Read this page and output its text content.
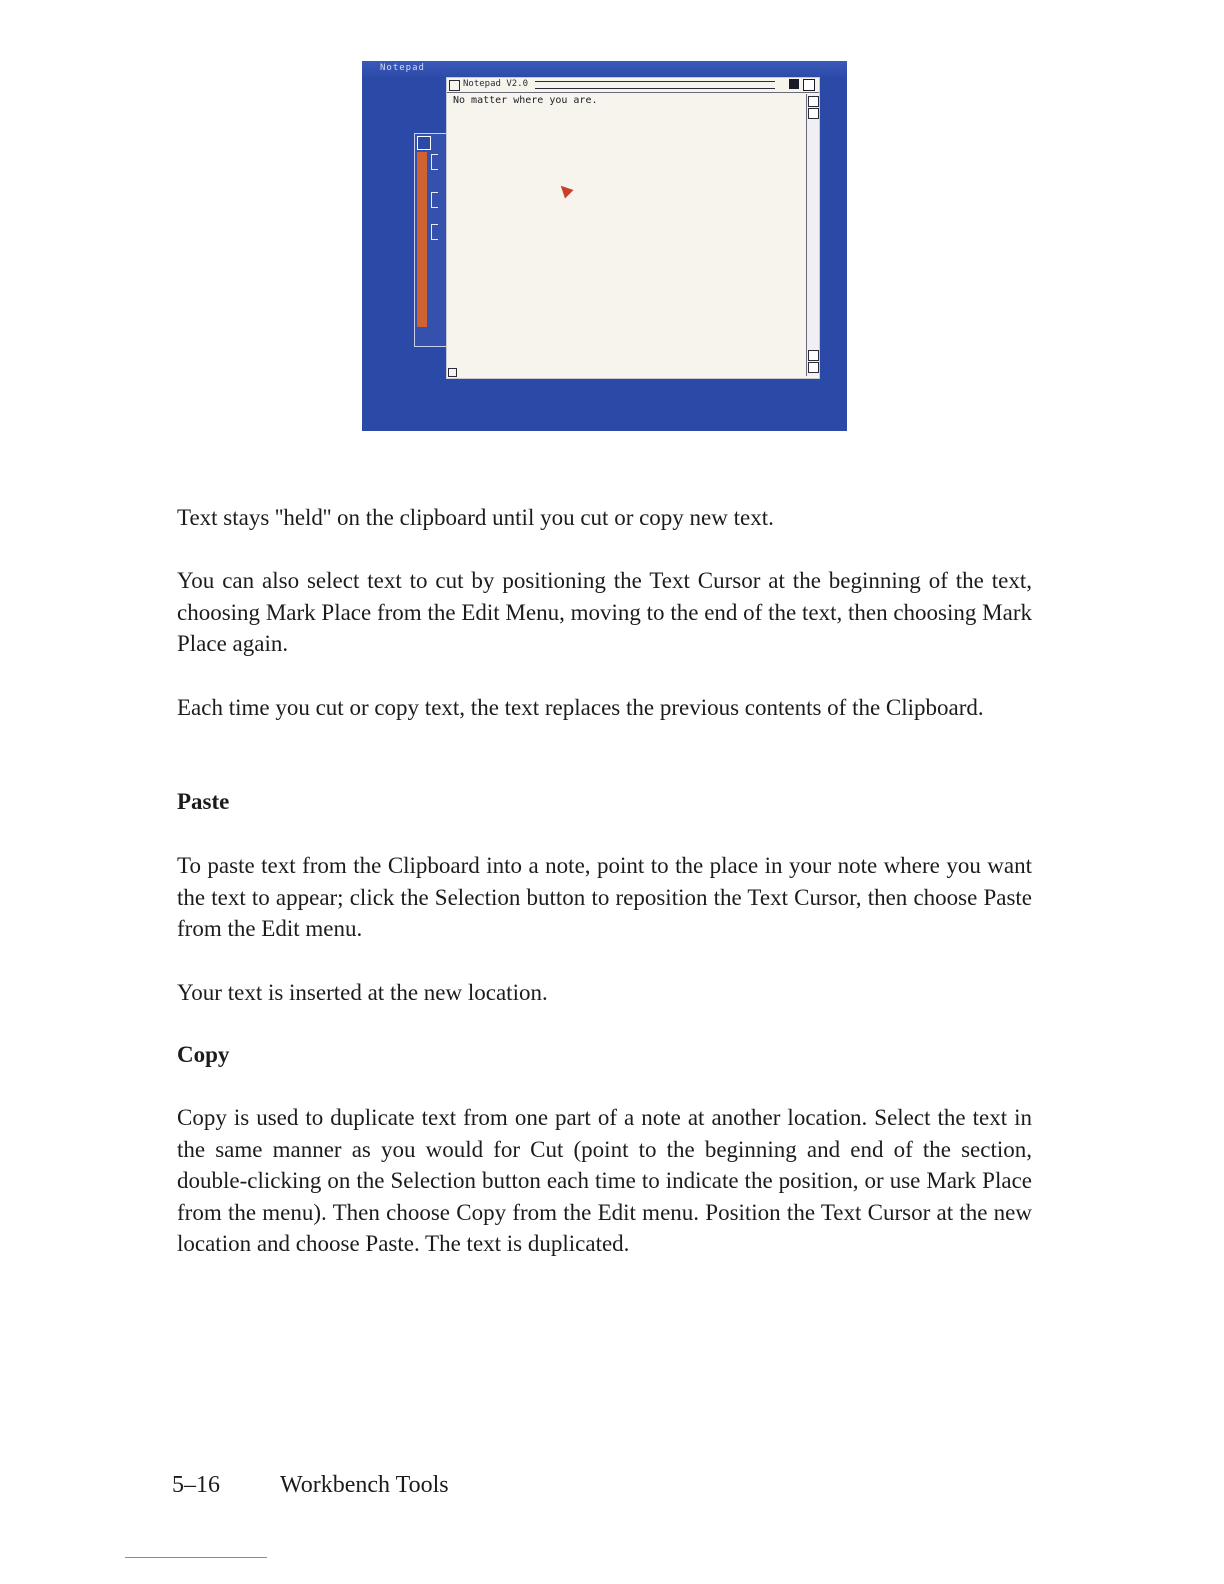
Notepad
Notepad V2.0
No matter where you are.

Text stays ''held'' on the clipboard until you cut or copy new text.

You can also select text to cut by positioning the Text Cursor at the beginning of the text, choosing Mark Place from the Edit Menu, moving to the end of the text, then choosing Mark Place again.

Each time you cut or copy text, the text replaces the previous contents of the Clipboard.

Paste

To paste text from the Clipboard into a note, point to the place in your note where you want the text to appear; click the Selection button to reposition the Text Cursor, then choose Paste from the Edit menu.

Your text is inserted at the new location.

Copy

Copy is used to duplicate text from one part of a note at another location. Select the text in the same manner as you would for Cut (point to the beginning and end of the section, double-clicking on the Selection button each time to indicate the position, or use Mark Place from the menu). Then choose Copy from the Edit menu. Position the Text Cursor at the new location and choose Paste. The text is duplicated.

5–16	Workbench Tools
